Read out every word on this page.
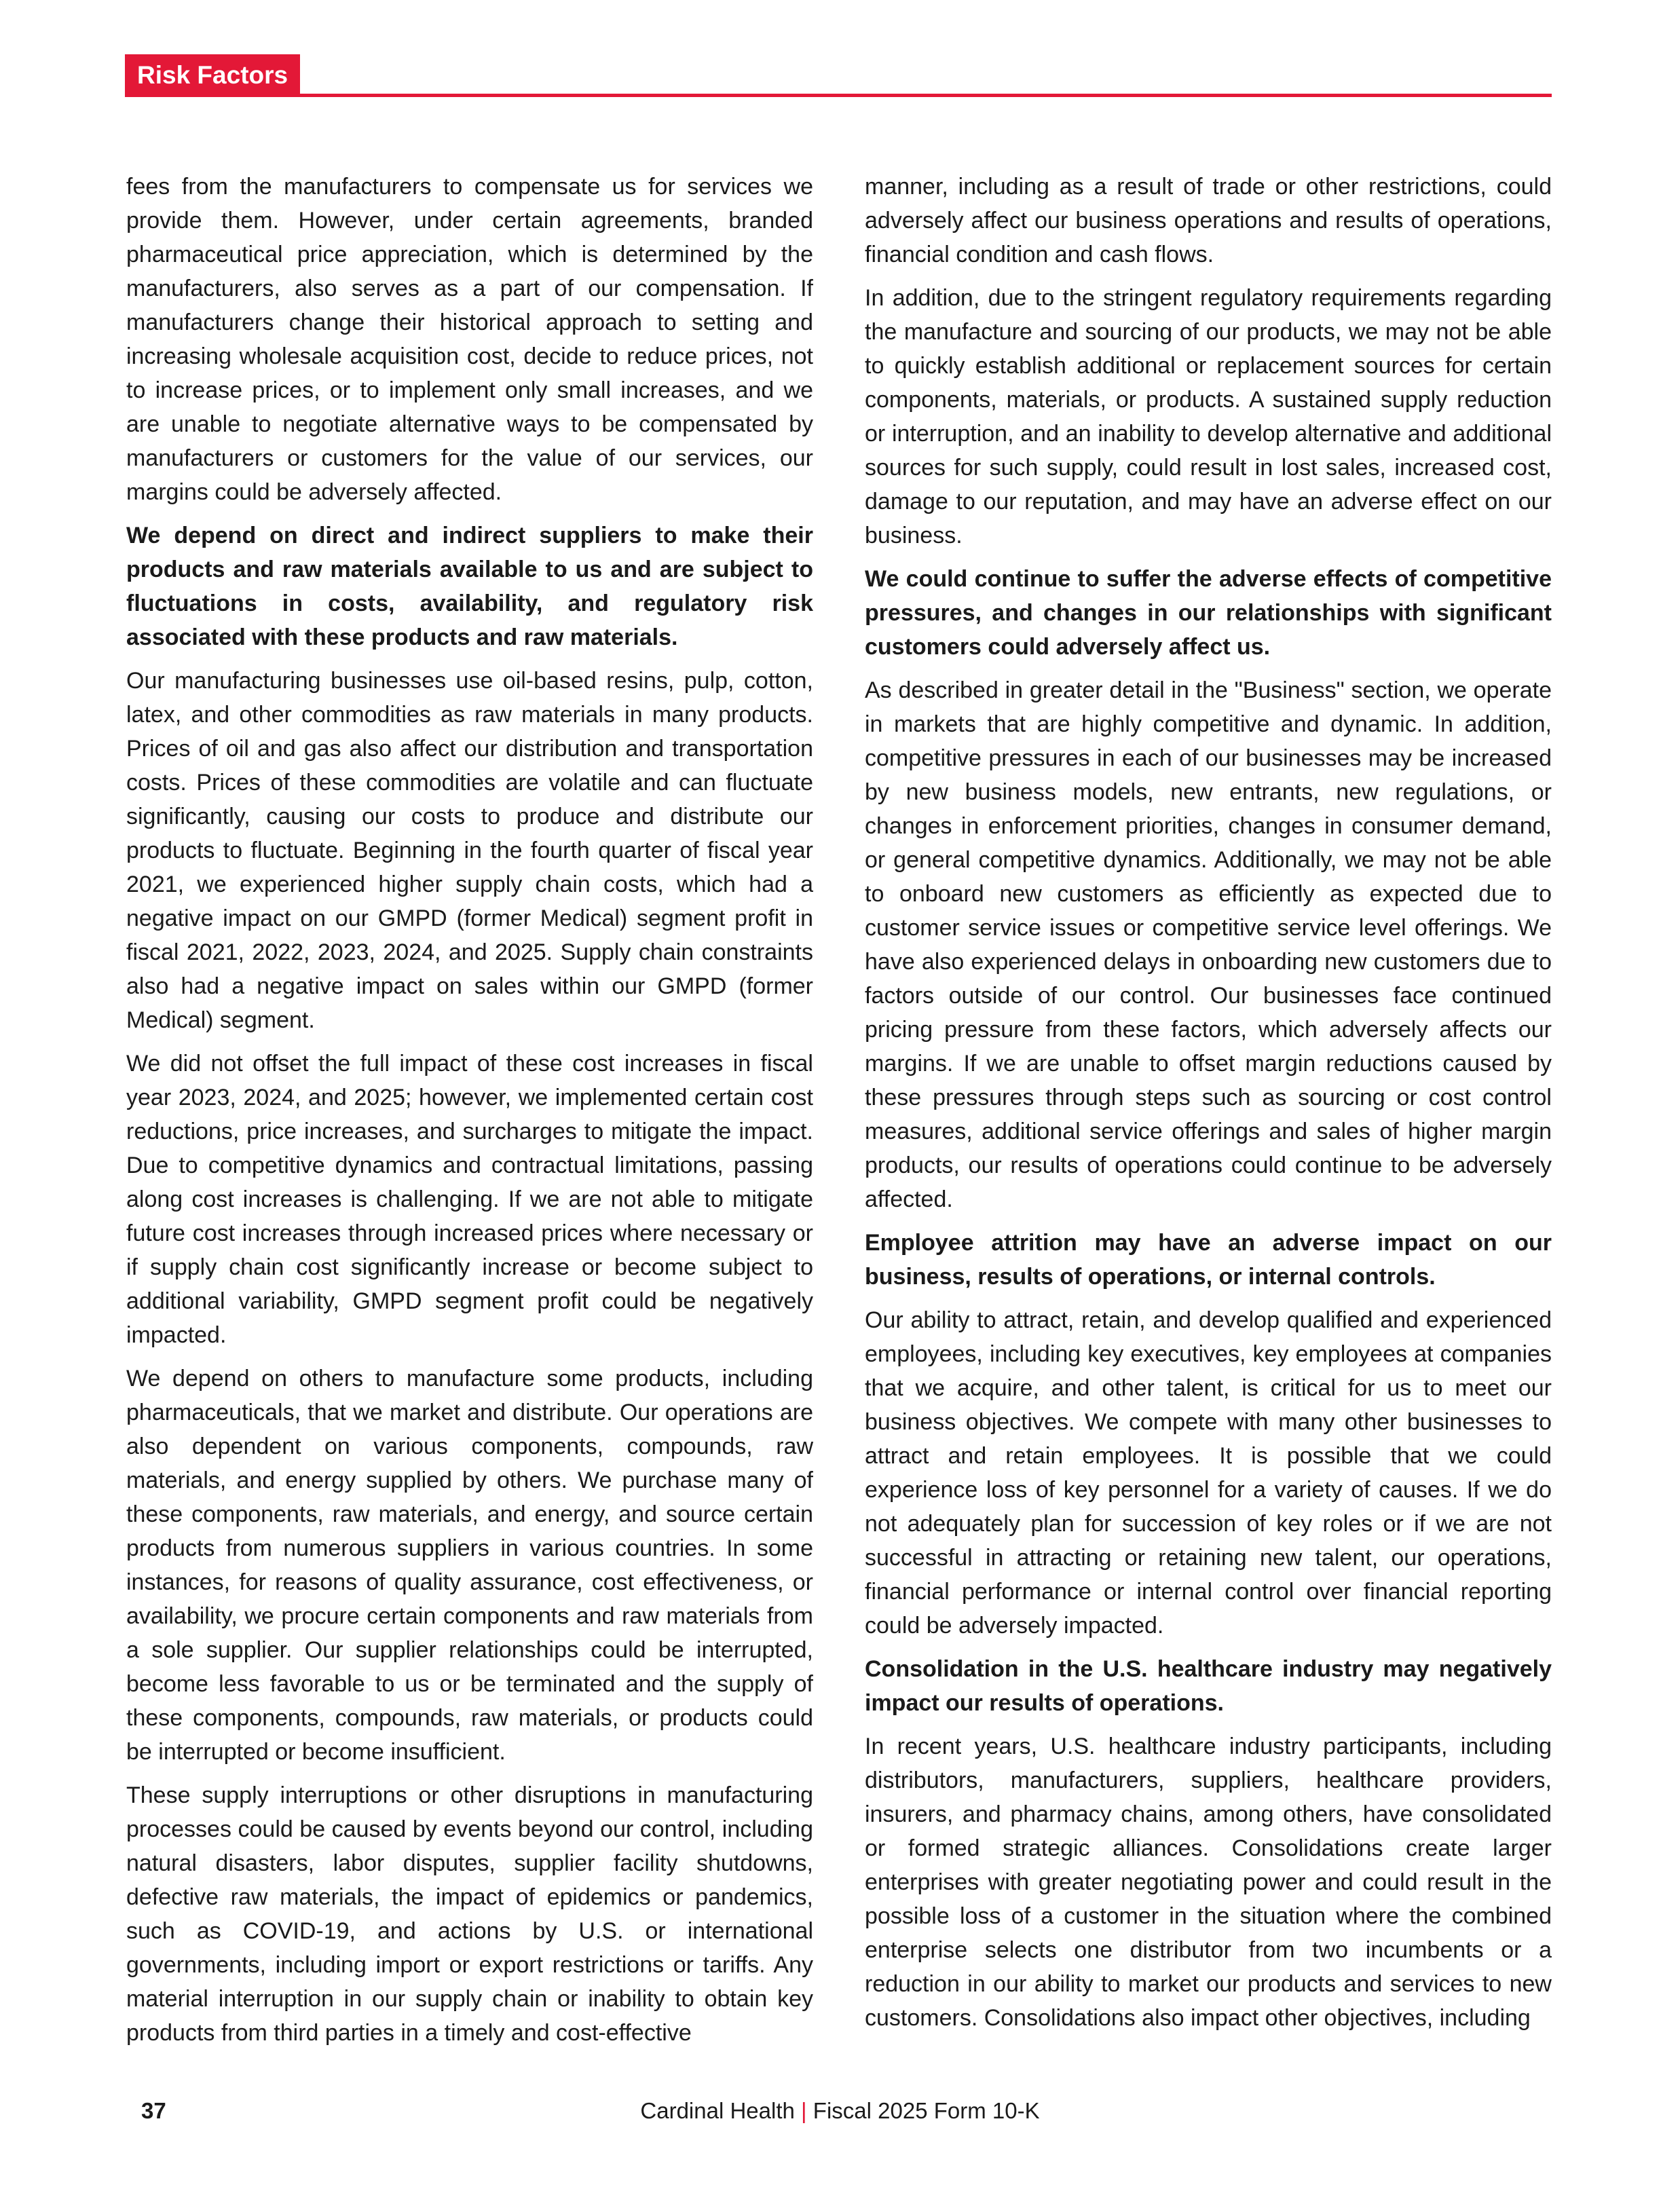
Risk Factors

fees from the manufacturers to compensate us for services we provide them. However, under certain agreements, branded pharmaceutical price appreciation, which is determined by the manufacturers, also serves as a part of our compensation. If manufacturers change their historical approach to setting and increasing wholesale acquisition cost, decide to reduce prices, not to increase prices, or to implement only small increases, and we are unable to negotiate alternative ways to be compensated by manufacturers or customers for the value of our services, our margins could be adversely affected.

We depend on direct and indirect suppliers to make their products and raw materials available to us and are subject to fluctuations in costs, availability, and regulatory risk associated with these products and raw materials.

Our manufacturing businesses use oil-based resins, pulp, cotton, latex, and other commodities as raw materials in many products. Prices of oil and gas also affect our distribution and transportation costs. Prices of these commodities are volatile and can fluctuate significantly, causing our costs to produce and distribute our products to fluctuate. Beginning in the fourth quarter of fiscal year 2021, we experienced higher supply chain costs, which had a negative impact on our GMPD (former Medical) segment profit in fiscal 2021, 2022, 2023, 2024, and 2025. Supply chain constraints also had a negative impact on sales within our GMPD (former Medical) segment.

We did not offset the full impact of these cost increases in fiscal year 2023, 2024, and 2025; however, we implemented certain cost reductions, price increases, and surcharges to mitigate the impact. Due to competitive dynamics and contractual limitations, passing along cost increases is challenging. If we are not able to mitigate future cost increases through increased prices where necessary or if supply chain cost significantly increase or become subject to additional variability, GMPD segment profit could be negatively impacted.

We depend on others to manufacture some products, including pharmaceuticals, that we market and distribute. Our operations are also dependent on various components, compounds, raw materials, and energy supplied by others. We purchase many of these components, raw materials, and energy, and source certain products from numerous suppliers in various countries. In some instances, for reasons of quality assurance, cost effectiveness, or availability, we procure certain components and raw materials from a sole supplier. Our supplier relationships could be interrupted, become less favorable to us or be terminated and the supply of these components, compounds, raw materials, or products could be interrupted or become insufficient.

These supply interruptions or other disruptions in manufacturing processes could be caused by events beyond our control, including natural disasters, labor disputes, supplier facility shutdowns, defective raw materials, the impact of epidemics or pandemics, such as COVID-19, and actions by U.S. or international governments, including import or export restrictions or tariffs. Any material interruption in our supply chain or inability to obtain key products from third parties in a timely and cost-effective

manner, including as a result of trade or other restrictions, could adversely affect our business operations and results of operations, financial condition and cash flows.

In addition, due to the stringent regulatory requirements regarding the manufacture and sourcing of our products, we may not be able to quickly establish additional or replacement sources for certain components, materials, or products. A sustained supply reduction or interruption, and an inability to develop alternative and additional sources for such supply, could result in lost sales, increased cost, damage to our reputation, and may have an adverse effect on our business.

We could continue to suffer the adverse effects of competitive pressures, and changes in our relationships with significant customers could adversely affect us.

As described in greater detail in the "Business" section, we operate in markets that are highly competitive and dynamic. In addition, competitive pressures in each of our businesses may be increased by new business models, new entrants, new regulations, or changes in enforcement priorities, changes in consumer demand, or general competitive dynamics. Additionally, we may not be able to onboard new customers as efficiently as expected due to customer service issues or competitive service level offerings. We have also experienced delays in onboarding new customers due to factors outside of our control. Our businesses face continued pricing pressure from these factors, which adversely affects our margins. If we are unable to offset margin reductions caused by these pressures through steps such as sourcing or cost control measures, additional service offerings and sales of higher margin products, our results of operations could continue to be adversely affected.

Employee attrition may have an adverse impact on our business, results of operations, or internal controls.

Our ability to attract, retain, and develop qualified and experienced employees, including key executives, key employees at companies that we acquire, and other talent, is critical for us to meet our business objectives. We compete with many other businesses to attract and retain employees. It is possible that we could experience loss of key personnel for a variety of causes. If we do not adequately plan for succession of key roles or if we are not successful in attracting or retaining new talent, our operations, financial performance or internal control over financial reporting could be adversely impacted.

Consolidation in the U.S. healthcare industry may negatively impact our results of operations.

In recent years, U.S. healthcare industry participants, including distributors, manufacturers, suppliers, healthcare providers, insurers, and pharmacy chains, among others, have consolidated or formed strategic alliances. Consolidations create larger enterprises with greater negotiating power and could result in the possible loss of a customer in the situation where the combined enterprise selects one distributor from two incumbents or a reduction in our ability to market our products and services to new customers. Consolidations also impact other objectives, including

37	Cardinal Health | Fiscal 2025 Form 10-K
